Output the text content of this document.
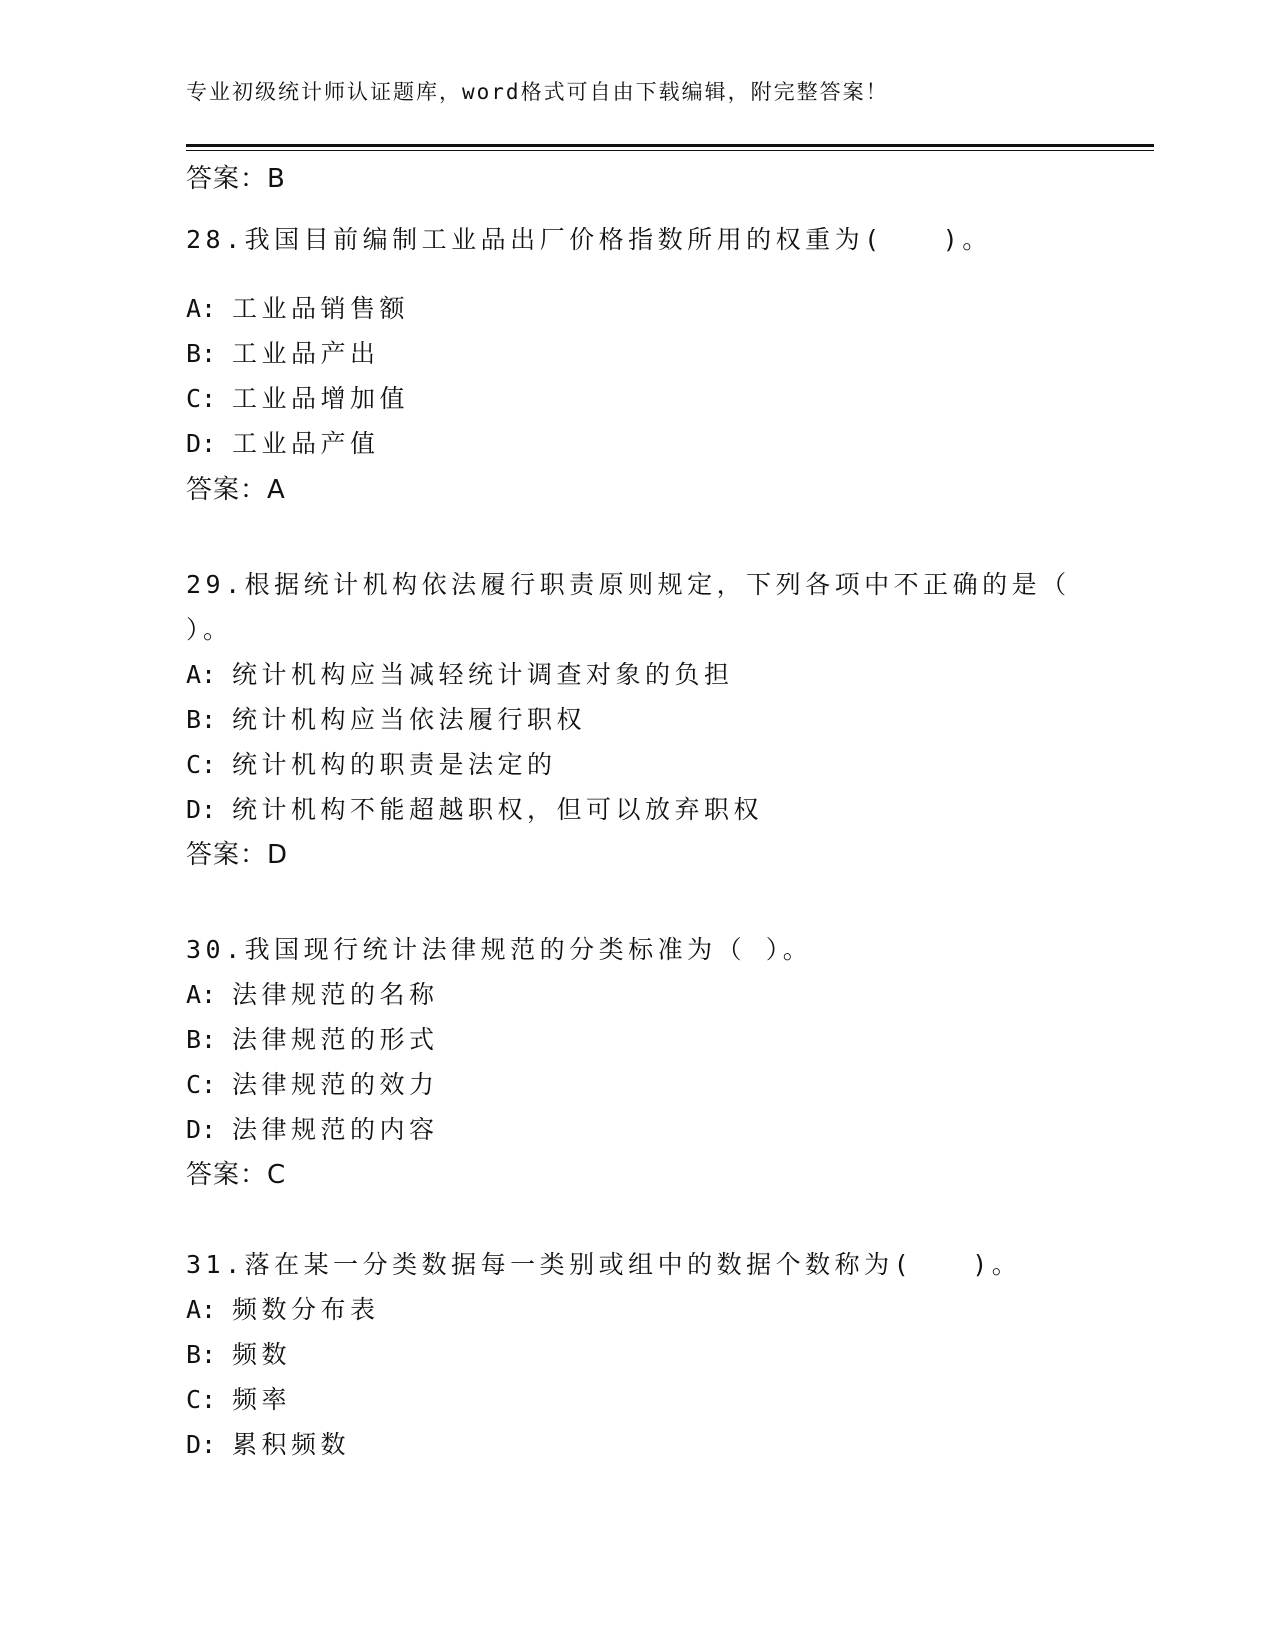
专业初级统计师认证题库，word格式可自由下载编辑，附完整答案！
答案：B
28.我国目前编制工业品出厂价格指数所用的权重为(　　)。
A: 工业品销售额
B: 工业品产出
C: 工业品增加值
D: 工业品产值
答案：A
29.根据统计机构依法履行职责原则规定，下列各项中不正确的是（
）。
A: 统计机构应当减轻统计调查对象的负担
B: 统计机构应当依法履行职权
C: 统计机构的职责是法定的
D: 统计机构不能超越职权，但可以放弃职权
答案：D
30.我国现行统计法律规范的分类标准为（ ）。
A: 法律规范的名称
B: 法律规范的形式
C: 法律规范的效力
D: 法律规范的内容
答案：C
31.落在某一分类数据每一类别或组中的数据个数称为(　　)。
A: 频数分布表
B: 频数
C: 频率
D: 累积频数
